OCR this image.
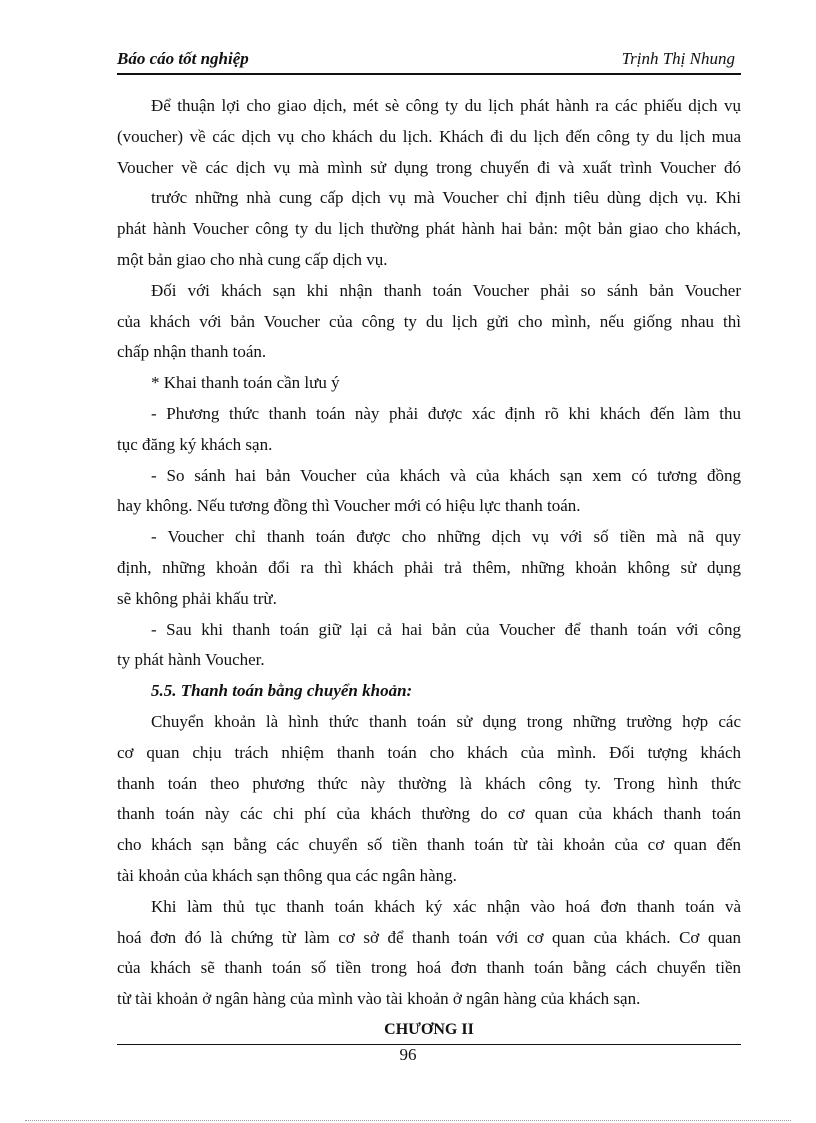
Báo cáo tốt nghiệp	Trịnh Thị Nhung

Để thuận lợi cho giao dịch, mét sè công ty du lịch phát hành ra các phiếu dịch vụ

(voucher) về các dịch vụ cho khách du lịch. Khách đi du lịch đến công ty du lịch mua

Voucher về các dịch vụ mà mình sử dụng trong chuyến đi và xuất trình Voucher đó

trước những nhà cung cấp dịch vụ mà Voucher chỉ định tiêu dùng dịch vụ. Khi

phát hành Voucher công ty du lịch thường phát hành hai bản: một bản giao cho khách,

một bản giao cho nhà cung cấp dịch vụ.

Đối với khách sạn khi nhận thanh toán Voucher phải so sánh bản Voucher

của khách với bản Voucher của công ty du lịch gửi cho mình, nếu giống nhau thì

chấp nhận thanh toán.

* Khai thanh toán cần lưu ý

- Phương thức thanh toán này phải được xác định rõ khi khách đến làm thu

tục đăng ký khách sạn.

- So sánh hai bản Voucher của khách và của khách sạn xem có tương đồng

hay không. Nếu tương đồng thì Voucher mới có hiệu lực thanh toán.

- Voucher chỉ thanh toán được cho những dịch vụ với số tiền mà nã quy

định, những khoản đổi ra thì khách phải trả thêm, những khoản không sử dụng

sẽ không phải khấu trừ.

- Sau khi thanh toán giữ lại cả hai bản của Voucher để thanh toán với công

ty phát hành Voucher.

5.5. Thanh toán bằng chuyển khoản:

Chuyển khoản là hình thức thanh toán sử dụng trong những trường hợp các

cơ quan chịu trách nhiệm thanh toán cho khách của mình. Đối tượng khách

thanh toán theo phương thức này thường là khách công ty. Trong hình thức

thanh toán này các chi phí của khách thường do cơ quan của khách thanh toán

cho khách sạn bằng các chuyển số tiền thanh toán từ tài khoản của cơ quan đến

tài khoản của khách sạn thông qua các ngân hàng.

Khi làm thủ tục thanh toán khách ký xác nhận vào hoá đơn thanh toán và

hoá đơn đó là chứng từ làm cơ sở để thanh toán với cơ quan của khách. Cơ quan

của khách sẽ thanh toán số tiền trong hoá đơn thanh toán bằng cách chuyển tiền

từ tài khoản ở ngân hàng của mình vào tài khoản ở ngân hàng của khách sạn.

CHƯƠNG II

96
